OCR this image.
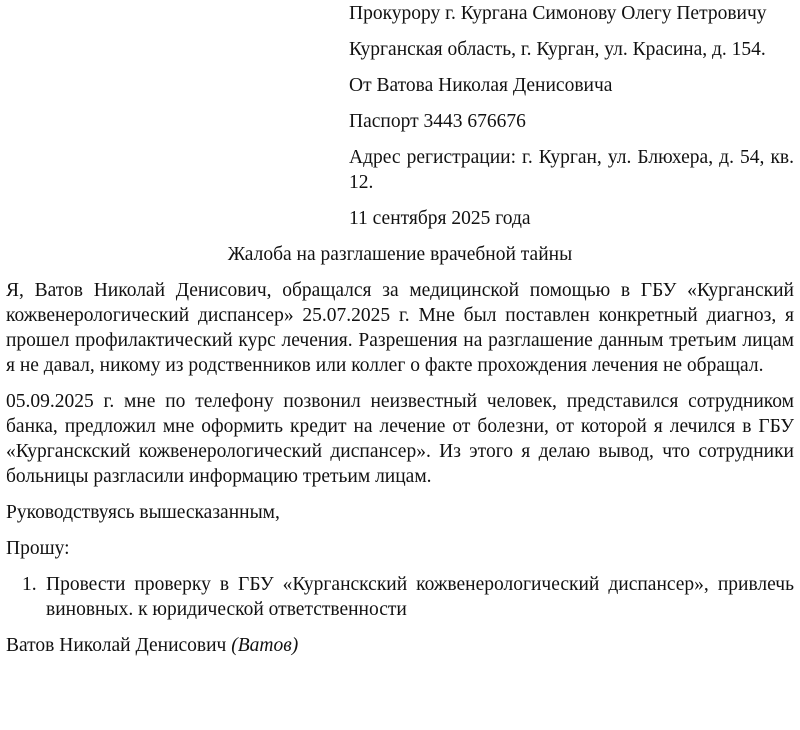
Прокурору г. Кургана Симонову Олегу Петровичу

Курганская область, г. Курган, ул. Красина, д. 154.

От Ватова Николая Денисовича

Паспорт 3443 676676

Адрес регистрации: г. Курган, ул. Блюхера, д. 54, кв. 12.

11 сентября 2025 года

Жалоба на разглашение врачебной тайны

Я, Ватов Николай Денисович, обращался за медицинской помощью в ГБУ «Курганский кожвенерологический диспансер» 25.07.2025 г. Мне был поставлен конкретный диагноз, я прошел профилактический курс лечения. Разрешения на разглашение данным третьим лицам я не давал, никому из родственников или коллег о факте прохождения лечения не обращал.

05.09.2025 г. мне по телефону позвонил неизвестный человек, представился сотрудником банка, предложил мне оформить кредит на лечение от болезни, от которой я лечился в ГБУ «Курганскский кожвенерологический диспансер». Из этого я делаю вывод, что сотрудники больницы разгласили информацию третьим лицам.

Руководствуясь вышесказанным,

Прошу:

1. Провести проверку в ГБУ «Курганскский кожвенерологический диспансер», привлечь виновных. к юридической ответственности

Ватов Николай Денисович (Ватов)
